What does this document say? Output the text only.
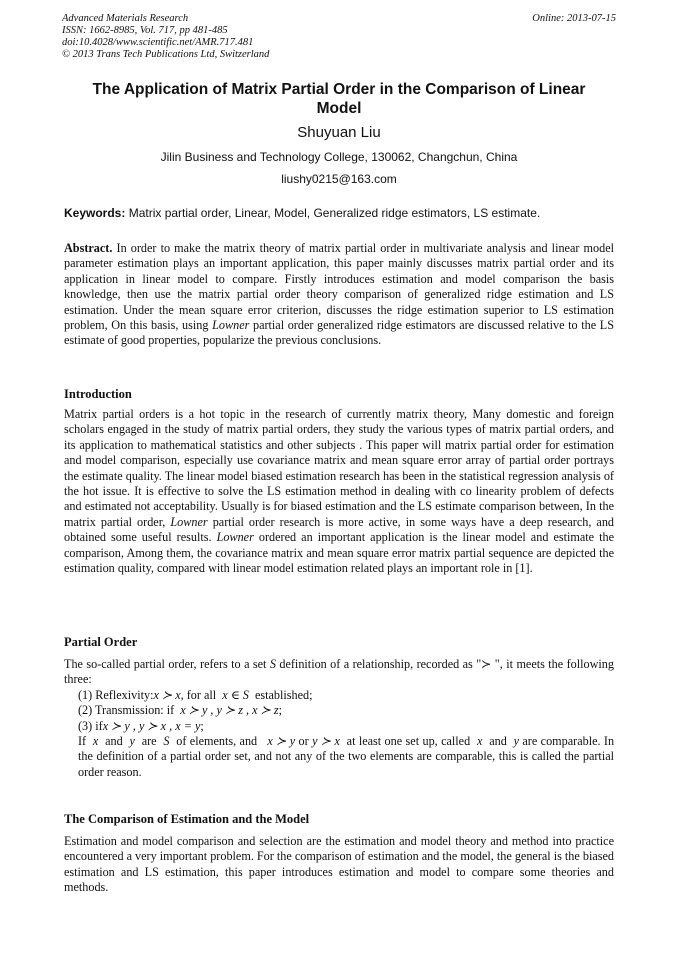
Advanced Materials Research
ISSN: 1662-8985, Vol. 717, pp 481-485
doi:10.4028/www.scientific.net/AMR.717.481
© 2013 Trans Tech Publications Ltd, Switzerland
Online: 2013-07-15
The Application of Matrix Partial Order in the Comparison of Linear Model
Shuyuan Liu
Jilin Business and Technology College, 130062, Changchun, China
liushy0215@163.com
Keywords: Matrix partial order, Linear, Model, Generalized ridge estimators, LS estimate.
Abstract. In order to make the matrix theory of matrix partial order in multivariate analysis and linear model parameter estimation plays an important application, this paper mainly discusses matrix partial order and its application in linear model to compare. Firstly introduces estimation and model comparison the basis knowledge, then use the matrix partial order theory comparison of generalized ridge estimation and LS estimation. Under the mean square error criterion, discusses the ridge estimation superior to LS estimation problem, On this basis, using Lowner partial order generalized ridge estimators are discussed relative to the LS estimate of good properties, popularize the previous conclusions.
Introduction
Matrix partial orders is a hot topic in the research of currently matrix theory, Many domestic and foreign scholars engaged in the study of matrix partial orders, they study the various types of matrix partial orders, and its application to mathematical statistics and other subjects . This paper will matrix partial order for estimation and model comparison, especially use covariance matrix and mean square error array of partial order portrays the estimate quality. The linear model biased estimation research has been in the statistical regression analysis of the hot issue. It is effective to solve the LS estimation method in dealing with co linearity problem of defects and estimated not acceptability. Usually is for biased estimation and the LS estimate comparison between, In the matrix partial order, Lowner partial order research is more active, in some ways have a deep research, and obtained some useful results. Lowner ordered an important application is the linear model and estimate the comparison, Among them, the covariance matrix and mean square error matrix partial sequence are depicted the estimation quality, compared with linear model estimation related plays an important role in [1].
Partial Order
The so-called partial order, refers to a set S definition of a relationship, recorded as "≻ ", it meets the following three:
(1) Reflexivity:x ≻ x, for all x ∈ S established;
(2) Transmission: if x ≻ y , y ≻ z , x ≻ z;
(3) ifx ≻ y , y ≻ x , x = y;
If x and y are S of elements, and x ≻ y or y ≻ x at least one set up, called x and y are comparable. In the definition of a partial order set, and not any of the two elements are comparable, this is called the partial order reason.
The Comparison of Estimation and the Model
Estimation and model comparison and selection are the estimation and model theory and method into practice encountered a very important problem. For the comparison of estimation and the model, the general is the biased estimation and LS estimation, this paper introduces estimation and model to compare some theories and methods.
